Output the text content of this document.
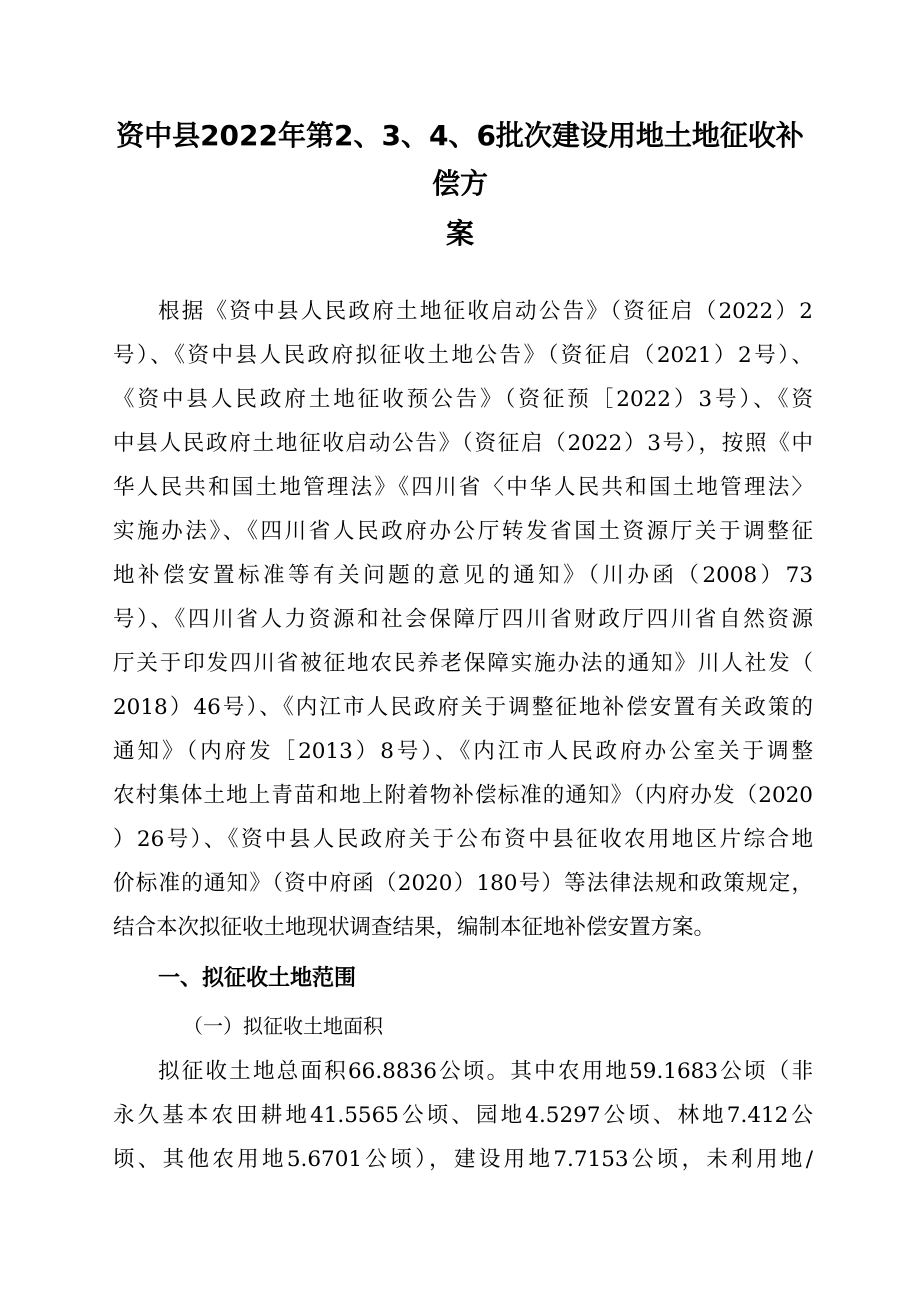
资中县2022年第2、3、4、6批次建设用地土地征收补
偿方
案
根据《资中县人民政府土地征收启动公告》（资征启（2022）2
号）、《资中县人民政府拟征收土地公告》（资征启（2021）2号）、
《资中县人民政府土地征收预公告》（资征预［2022）3号）、《资
中县人民政府土地征收启动公告》（资征启（2022）3号），按照《中
华人民共和国土地管理法》《四川省〈中华人民共和国土地管理法〉
实施办法》、《四川省人民政府办公厅转发省国土资源厅关于调整征
地补偿安置标准等有关问题的意见的通知》（川办函（2008）73
号）、《四川省人力资源和社会保障厅四川省财政厅四川省自然资源
厅关于印发四川省被征地农民养老保障实施办法的通知》川人社发（
2018）46号）、《内江市人民政府关于调整征地补偿安置有关政策的
通知》（内府发［2013）8号）、《内江市人民政府办公室关于调整
农村集体土地上青苗和地上附着物补偿标准的通知》（内府办发（2020
）26号）、《资中县人民政府关于公布资中县征收农用地区片综合地
价标准的通知》（资中府函（2020）180号）等法律法规和政策规定，
结合本次拟征收土地现状调查结果，编制本征地补偿安置方案。
一、拟征收土地范围
（一）拟征收土地面积
拟征收土地总面积66.8836公顷。其中农用地59.1683公顷（非
永久基本农田耕地41.5565公顷、园地4.5297公顷、林地7.412公
顷、其他农用地5.6701公顷），建设用地7.7153公顷，未利用地/
